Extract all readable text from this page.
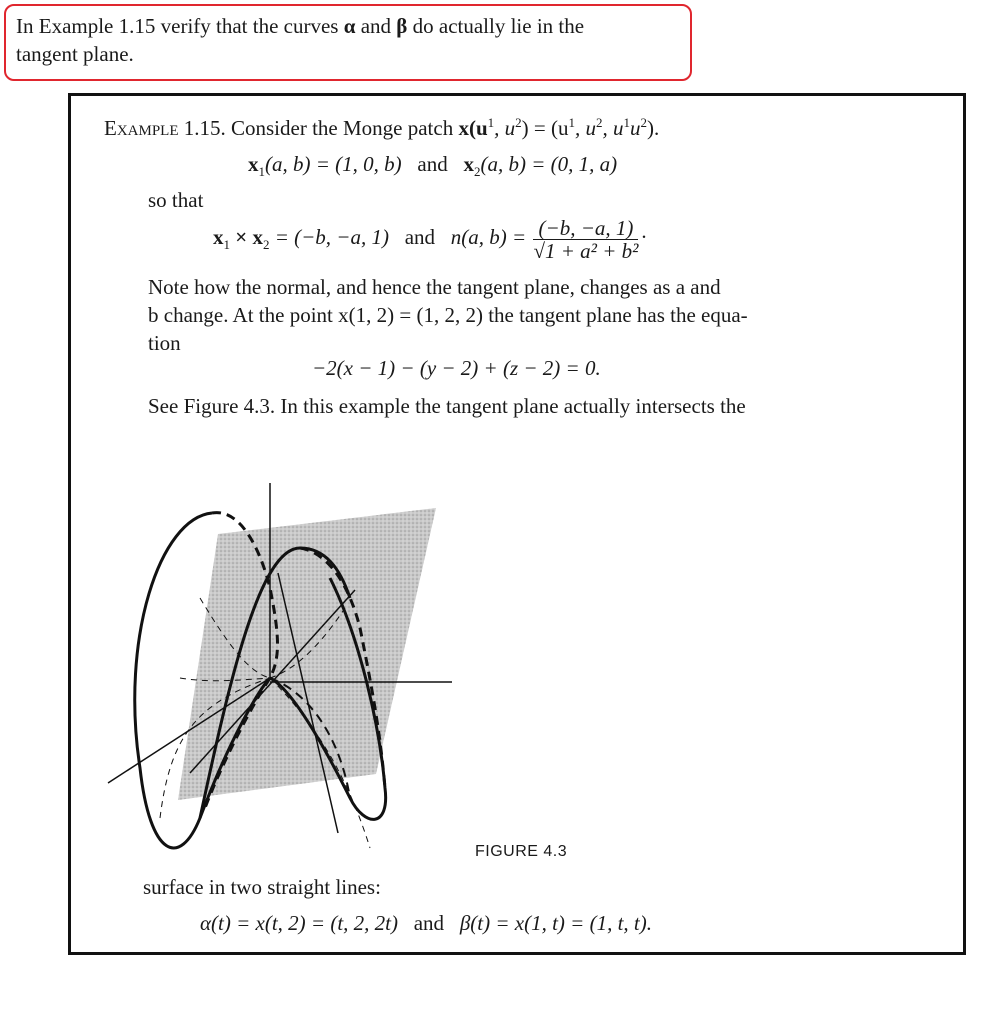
In Example 1.15 verify that the curves α and β do actually lie in the
tangent plane.
Example 1.15. Consider the Monge patch $x(u^1$, $u^2) = (u^1$, $u^2$, $u^1u^2$).
$x_1(a$, b) = (1, 0, b) and $x_2(a$, b) = (0, 1, a)
so that
$x_1 \times x_2 = (-b$, −a, 1) and n(a, $b) = \frac{(-b, -a, 1)}{\text{√1 + a² + b²}}$ ·
Note how the normal, and hence the tangent plane, changes as a and
b change. At the point x(1, 2) = (1, 2, 2) the tangent plane has the equa-
tion
−2(x − 1) − (y − 2) + (z − 2) = 0.
See Figure 4.3. In this example the tangent plane actually intersects the
FIGURE 4.3
surface in two straight lines:
α(t) = x(t, 2) = (t, 2, 2t) and β(t) = x(1, t) = (1, t, t).
